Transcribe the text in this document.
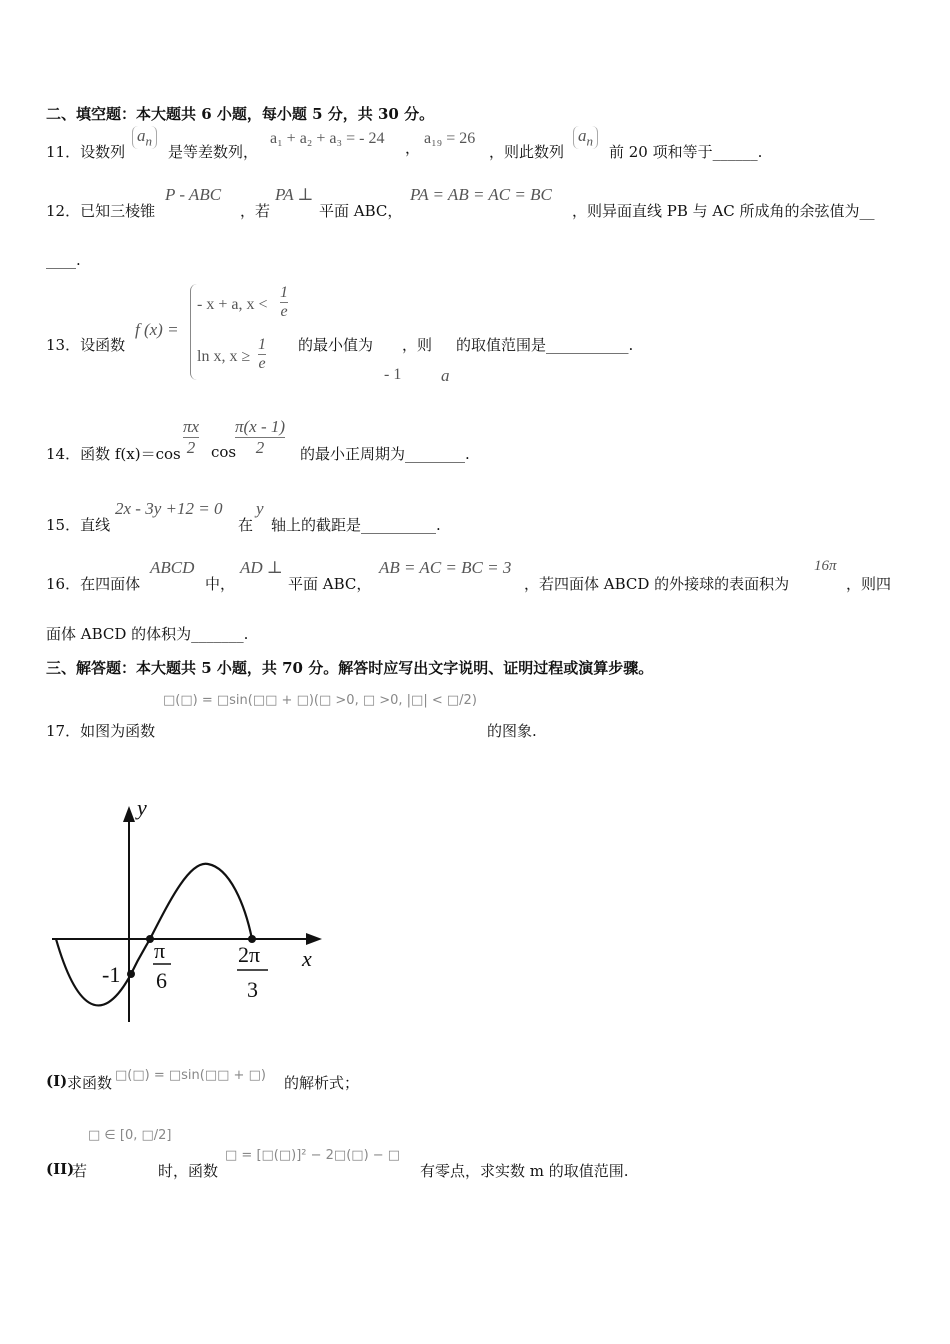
二、填空题：本大题共 6 小题，每小题 5 分，共 30 分。
11．设数列
$a_n$
是等差数列，
a₁ + a₂ + a₃ = - 24
，
a₁₉ = 26
，则此数列
$a_n$
前 20 项和等于______.
12．已知三棱锥
P - ABC
，若
PA ⊥
平面 ABC，
PA = AB = AC = BC
，则异面直线 PB 与 AC 所成角的余弦值为__
____.
13．设函数
f (x) =
- x + a, x <
1
e
ln x, x ≥
1
e
的最小值为 ，则 的取值范围是___________.
- 1 a
14．函数 f(x)＝cos
πx
2 cos
π(x - 1)
2 的最小正周期为________.
15．直线
2x - 3y +12 = 0
在
y
轴上的截距是__________.
16．在四面体
ABCD
中，
AD ⊥
平面 ABC，
AB = AC = BC = 3
，若四面体 ABCD 的外接球的表面积为
16π
，则四
面体 ABCD 的体积为_______.
三、解答题：本大题共 5 小题，共 70 分。解答时应写出文字说明、证明过程或演算步骤。
□(□) = □sin(□□ + □)(□ >0, □ >0, |□| < □/2)
17．如图为函数	的图象.
y
x
-1
π
6
2π
3
(I) 求函数 □(□) = □sin(□□ + □) 的解析式；
□ ∈ [0, □/2]
(II)
若	时，函数
□ = [□(□)]² − 2□(□) − □
有零点，求实数 m 的取值范围.
